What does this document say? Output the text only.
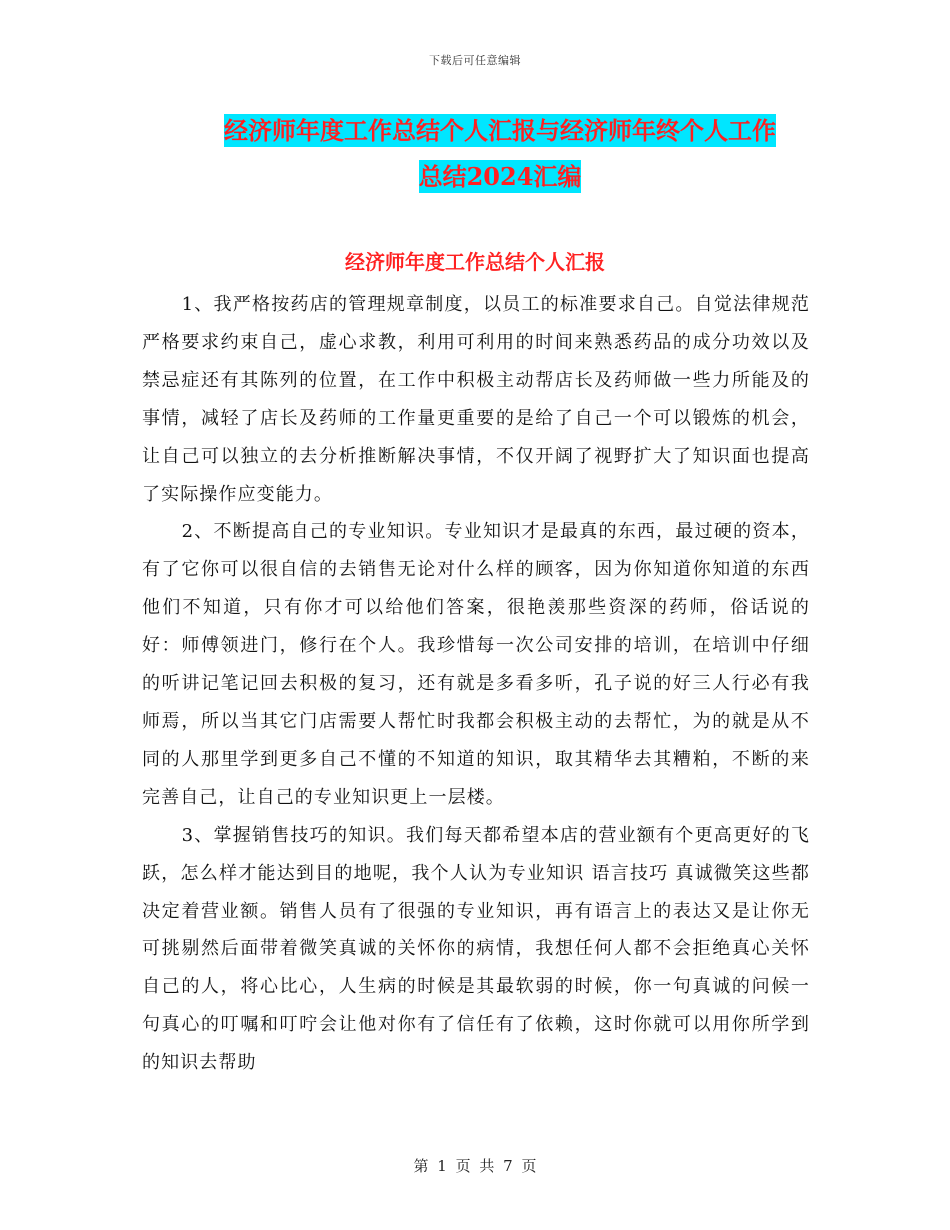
下载后可任意编辑
经济师年度工作总结个人汇报与经济师年终个人工作
总结2024汇编
经济师年度工作总结个人汇报

1、我严格按药店的管理规章制度，以员工的标准要求自己。自觉法律规范严格要求约束自己，虚心求教，利用可利用的时间来熟悉药品的成分功效以及禁忌症还有其陈列的位置，在工作中积极主动帮店长及药师做一些力所能及的事情，减轻了店长及药师的工作量更重要的是给了自己一个可以锻炼的机会，让自己可以独立的去分析推断解决事情，不仅开阔了视野扩大了知识面也提高了实际操作应变能力。

2、不断提高自己的专业知识。专业知识才是最真的东西，最过硬的资本，有了它你可以很自信的去销售无论对什么样的顾客，因为你知道你知道的东西他们不知道，只有你才可以给他们答案，很艳羡那些资深的药师，俗话说的好：师傅领进门，修行在个人。我珍惜每一次公司安排的培训，在培训中仔细的听讲记笔记回去积极的复习，还有就是多看多听，孔子说的好三人行必有我师焉，所以当其它门店需要人帮忙时我都会积极主动的去帮忙，为的就是从不同的人那里学到更多自己不懂的不知道的知识，取其精华去其糟粕，不断的来完善自己，让自己的专业知识更上一层楼。

3、掌握销售技巧的知识。我们每天都希望本店的营业额有个更高更好的飞跃，怎么样才能达到目的地呢，我个人认为专业知识 语言技巧 真诚微笑这些都决定着营业额。销售人员有了很强的专业知识，再有语言上的表达又是让你无可挑剔然后面带着微笑真诚的关怀你的病情，我想任何人都不会拒绝真心关怀自己的人，将心比心，人生病的时候是其最软弱的时候，你一句真诚的问候一句真心的叮嘱和叮咛会让他对你有了信任有了依赖，这时你就可以用你所学到的知识去帮助

第 1 页 共 7 页
